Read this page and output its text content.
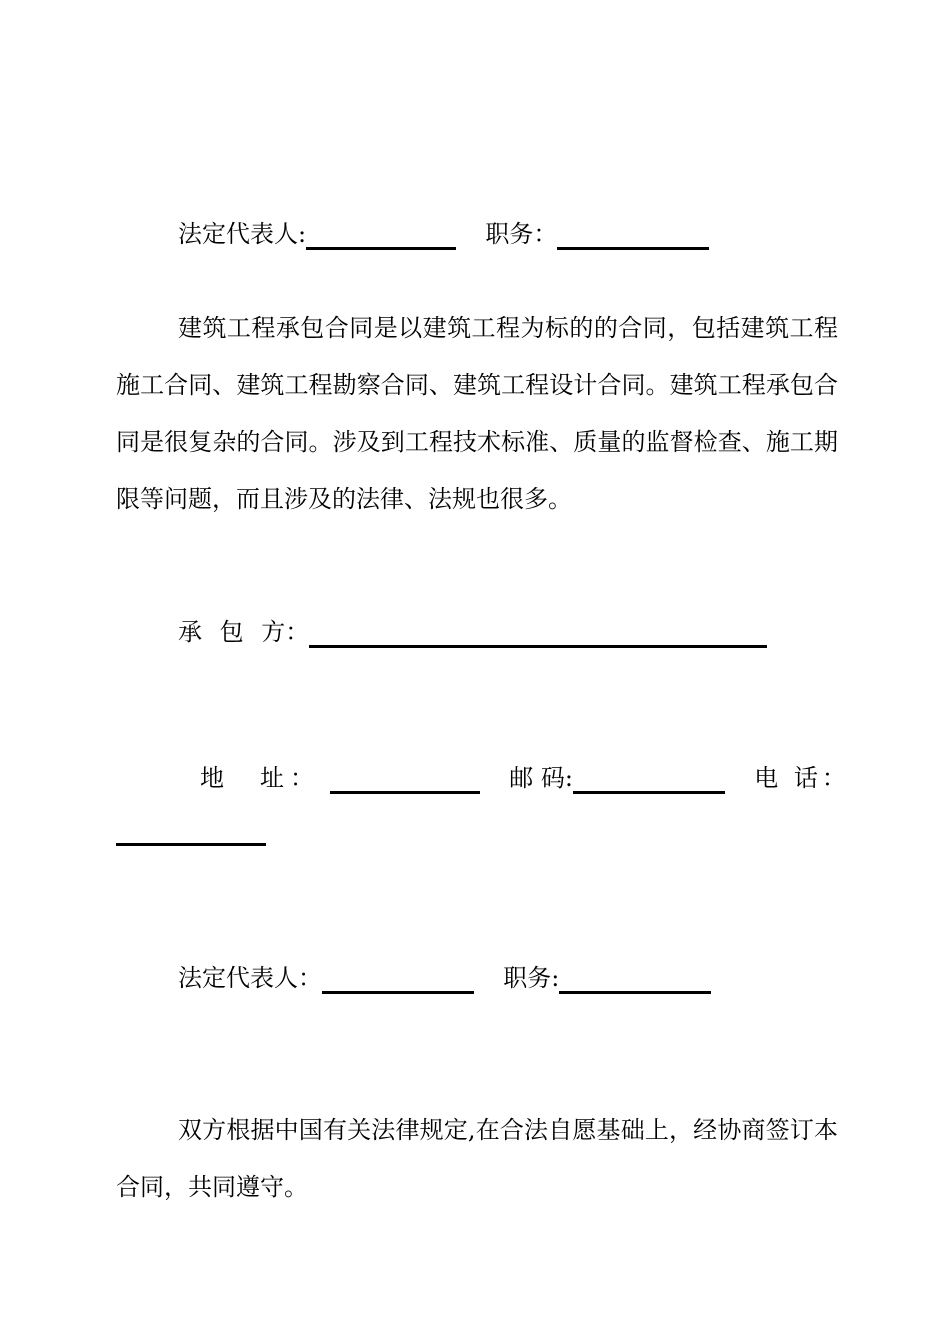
法定代表人:	职务：

建筑工程承包合同是以建筑工程为标的的合同，包括建筑工程施工合同、建筑工程勘察合同、建筑工程设计合同。建筑工程承包合同是很复杂的合同。涉及到工程技术标准、质量的监督检查、施工期限等问题，而且涉及的法律、法规也很多。

承 包 方：
地　址：	邮 码:	电 话：
法定代表人：	职务:

双方根据中国有关法律规定,在合法自愿基础上，经协商签订本合同，共同遵守。
